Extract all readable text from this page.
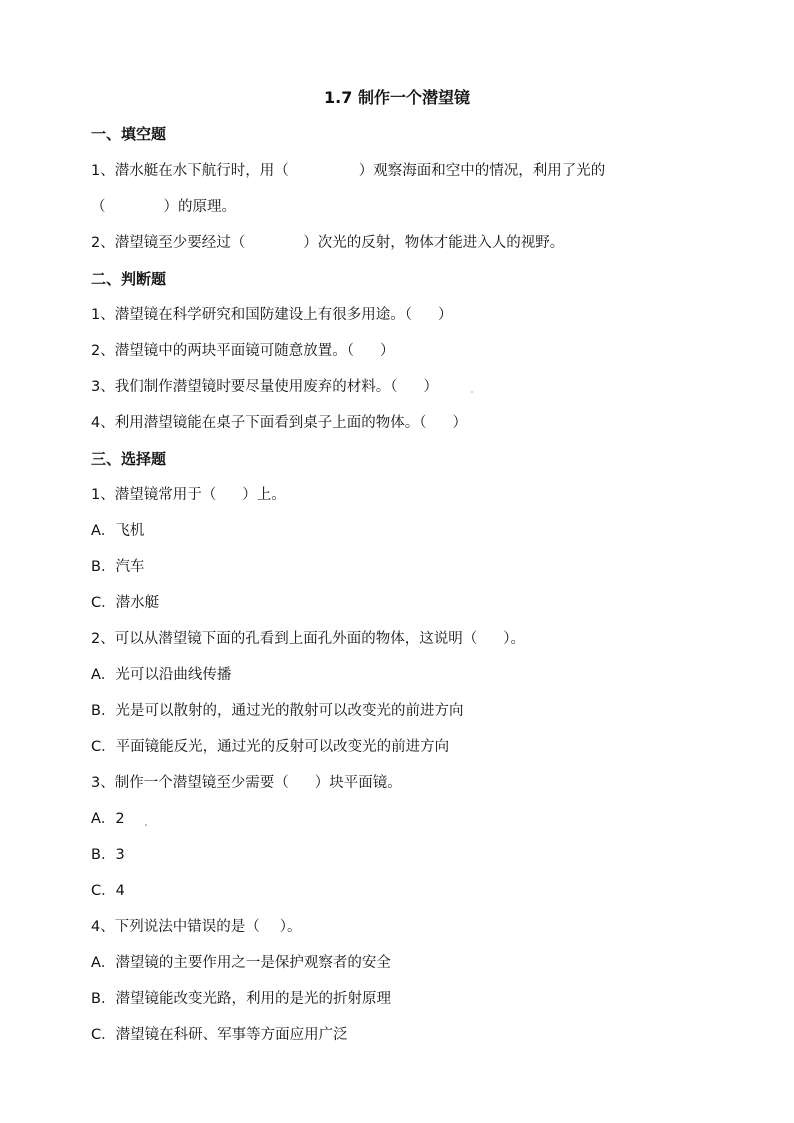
1.7 制作一个潜望镜
一、填空题
1、潜水艇在水下航行时，用（	）观察海面和空中的情况，利用了光的
（	）的原理。
2、潜望镜至少要经过（	）次光的反射，物体才能进入人的视野。
二、判断题
1、潜望镜在科学研究和国防建设上有很多用途。（ ）
2、潜望镜中的两块平面镜可随意放置。（ ）
3、我们制作潜望镜时要尽量使用废弃的材料。（ ）
4、利用潜望镜能在桌子下面看到桌子上面的物体。（ ）
三、选择题
1、潜望镜常用于（ ）上。
A．飞机
B．汽车
C．潜水艇
2、可以从潜望镜下面的孔看到上面孔外面的物体，这说明（ ）。
A．光可以沿曲线传播
B．光是可以散射的，通过光的散射可以改变光的前进方向
C．平面镜能反光，通过光的反射可以改变光的前进方向
3、制作一个潜望镜至少需要（ ）块平面镜。
A．2
B．3
C．4
4、下列说法中错误的是（ ）。
A．潜望镜的主要作用之一是保护观察者的安全
B．潜望镜能改变光路，利用的是光的折射原理
C．潜望镜在科研、军事等方面应用广泛
